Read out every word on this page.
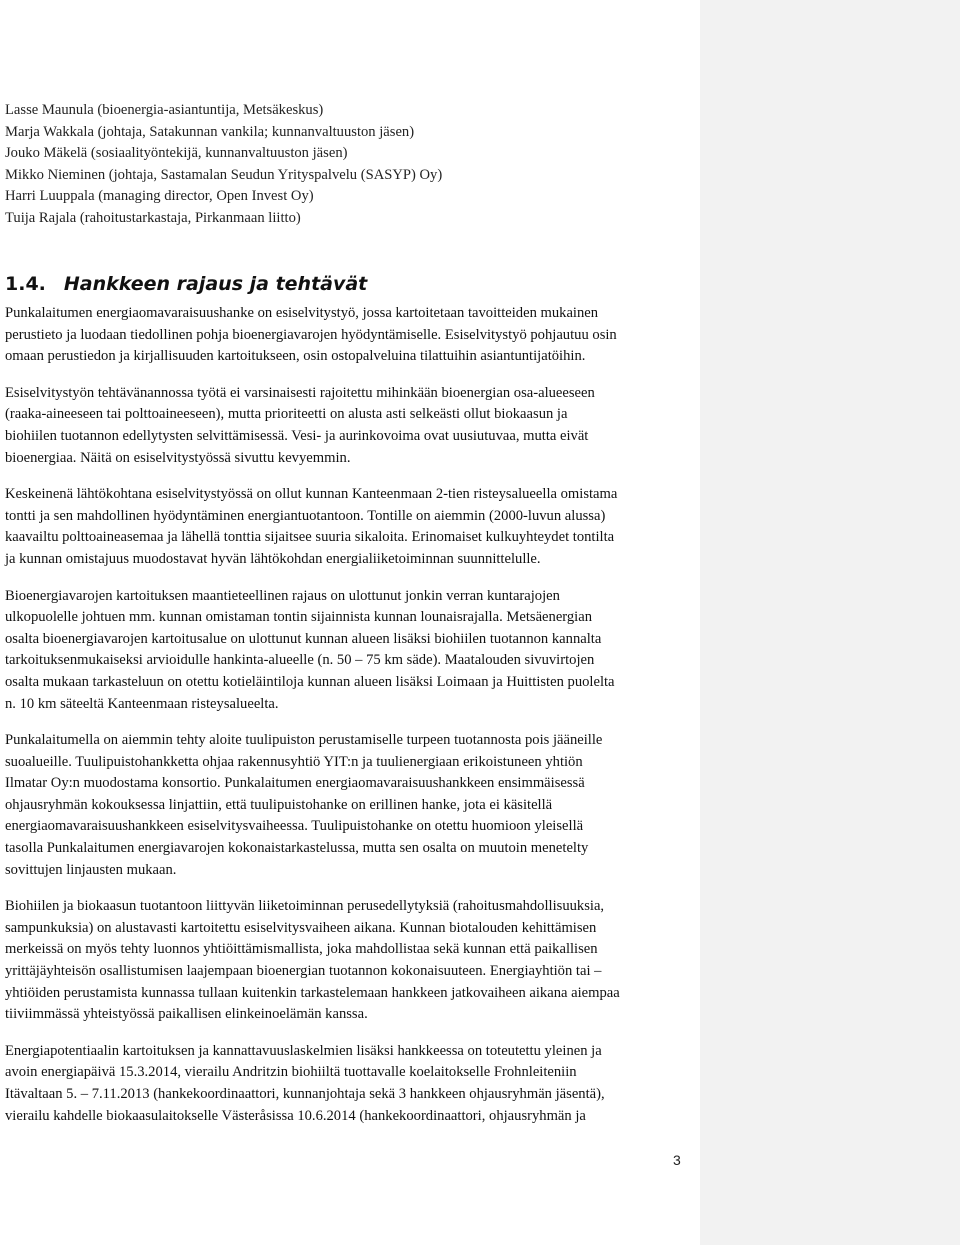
Lasse Maunula (bioenergia-asiantuntija, Metsäkeskus)

Marja Wakkala (johtaja, Satakunnan vankila; kunnanvaltuuston jäsen)

Jouko Mäkelä (sosiaalityöntekijä, kunnanvaltuuston jäsen)

Mikko Nieminen (johtaja, Sastamalan Seudun Yrityspalvelu (SASYP) Oy)

Harri Luuppala (managing director, Open Invest Oy)

Tuija Rajala (rahoitustarkastaja, Pirkanmaan liitto)

1.4. Hankkeen rajaus ja tehtävät
Punkalaitumen energiaomavaraisuushanke on esiselvitystyö, jossa kartoitetaan tavoitteiden mukainen
perustieto ja luodaan tiedollinen pohja bioenergiavarojen hyödyntämiselle. Esiselvitystyö pohjautuu osin
omaan perustiedon ja kirjallisuuden kartoitukseen, osin ostopalveluina tilattuihin asiantuntijatöihin.
Esiselvitystyön tehtävänannossa työtä ei varsinaisesti rajoitettu mihinkään bioenergian osa-alueeseen
(raaka-aineeseen tai polttoaineeseen), mutta prioriteetti on alusta asti selkeästi ollut biokaasun ja
biohiilen tuotannon edellytysten selvittämisessä. Vesi- ja aurinkovoima ovat uusiutuvaa, mutta eivät
bioenergiaa. Näitä on esiselvitystyössä sivuttu kevyemmin.
Keskeinenä lähtökohtana esiselvitystyössä on ollut kunnan Kanteenmaan 2-tien risteysalueella omistama
tontti ja sen mahdollinen hyödyntäminen energiantuotantoon. Tontille on aiemmin (2000-luvun alussa)
kaavailtu polttoaineasemaa ja lähellä tonttia sijaitsee suuria sikaloita. Erinomaiset kulkuyhteydet tontilta
ja kunnan omistajuus muodostavat hyvän lähtökohdan energialiiketoiminnan suunnittelulle.
Bioenergiavarojen kartoituksen maantieteellinen rajaus on ulottunut jonkin verran kuntarajojen
ulkopuolelle johtuen mm. kunnan omistaman tontin sijainnista kunnan lounaisrajalla. Metsäenergian
osalta bioenergiavarojen kartoitusalue on ulottunut kunnan alueen lisäksi biohiilen tuotannon kannalta
tarkoituksenmukaiseksi arvioidulle hankinta-alueelle (n. 50 – 75 km säde). Maatalouden sivuvirtojen
osalta mukaan tarkasteluun on otettu kotieläintiloja kunnan alueen lisäksi Loimaan ja Huittisten puolelta
n. 10 km säteeltä Kanteenmaan risteysalueelta.
Punkalaitumella on aiemmin tehty aloite tuulipuiston perustamiselle turpeen tuotannosta pois jääneille
suoalueille. Tuulipuistohankketta ohjaa rakennusyhtiö YIT:n ja tuulienergiaan erikoistuneen yhtiön
Ilmatar Oy:n muodostama konsortio. Punkalaitumen energiaomavaraisuushankkeen ensimmäisessä
ohjausryhmän kokouksessa linjattiin, että tuulipuistohanke on erillinen hanke, jota ei käsitellä
energiaomavaraisuushankkeen esiselvitysvaiheessa. Tuulipuistohanke on otettu huomioon yleisellä
tasolla Punkalaitumen energiavarojen kokonaistarkastelussa, mutta sen osalta on muutoin menetelty
sovittujen linjausten mukaan.
Biohiilen ja biokaasun tuotantoon liittyvän liiketoiminnan perusedellytyksiä (rahoitusmahdollisuuksia,
sampunkuksia) on alustavasti kartoitettu esiselvitysvaiheen aikana. Kunnan biotalouden kehittämisen
merkeissä on myös tehty luonnos yhtiöittämismallista, joka mahdollistaa sekä kunnan että paikallisen
yrittäjäyhteisön osallistumisen laajempaan bioenergian tuotannon kokonaisuuteen. Energiayhtiön tai –
yhtiöiden perustamista kunnassa tullaan kuitenkin tarkastelemaan hankkeen jatkovaiheen aikana aiempaa
tiiviimmässä yhteistyössä paikallisen elinkeinoelämän kanssa.
Energiapotentiaalin kartoituksen ja kannattavuuslaskelmien lisäksi hankkeessa on toteutettu yleinen ja
avoin energiapäivä 15.3.2014, vierailu Andritzin biohiiltä tuottavalle koelaitokselle Frohnleiteniin
Itävaltaan 5. – 7.11.2013 (hankekoordinaattori, kunnanjohtaja sekä 3 hankkeen ohjausryhmän jäsentä),
vierailu kahdelle biokaasulaitokselle Västeråsissa 10.6.2014 (hankekoordinaattori, ohjausryhmän ja
3
